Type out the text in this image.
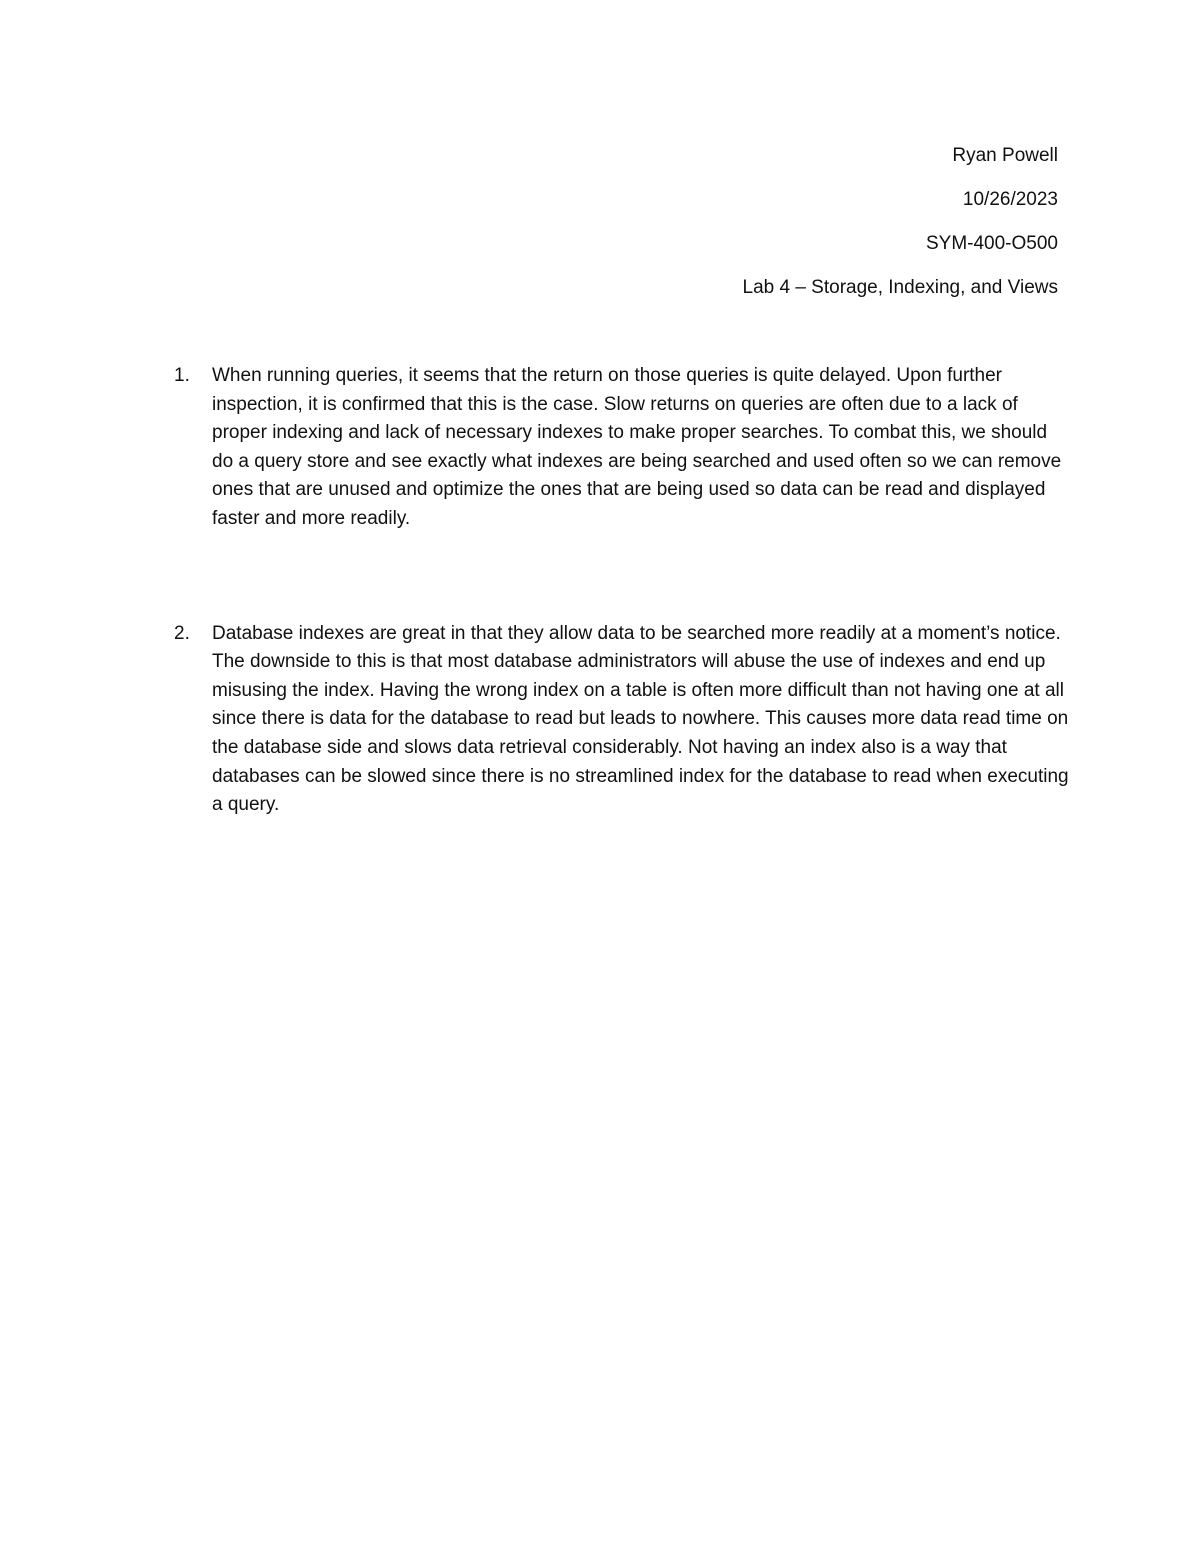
Ryan Powell
10/26/2023
SYM-400-O500
Lab 4 – Storage, Indexing, and Views
1. When running queries, it seems that the return on those queries is quite delayed. Upon further inspection, it is confirmed that this is the case. Slow returns on queries are often due to a lack of proper indexing and lack of necessary indexes to make proper searches. To combat this, we should do a query store and see exactly what indexes are being searched and used often so we can remove ones that are unused and optimize the ones that are being used so data can be read and displayed faster and more readily.
2. Database indexes are great in that they allow data to be searched more readily at a moment’s notice. The downside to this is that most database administrators will abuse the use of indexes and end up misusing the index. Having the wrong index on a table is often more difficult than not having one at all since there is data for the database to read but leads to nowhere. This causes more data read time on the database side and slows data retrieval considerably. Not having an index also is a way that databases can be slowed since there is no streamlined index for the database to read when executing a query.
